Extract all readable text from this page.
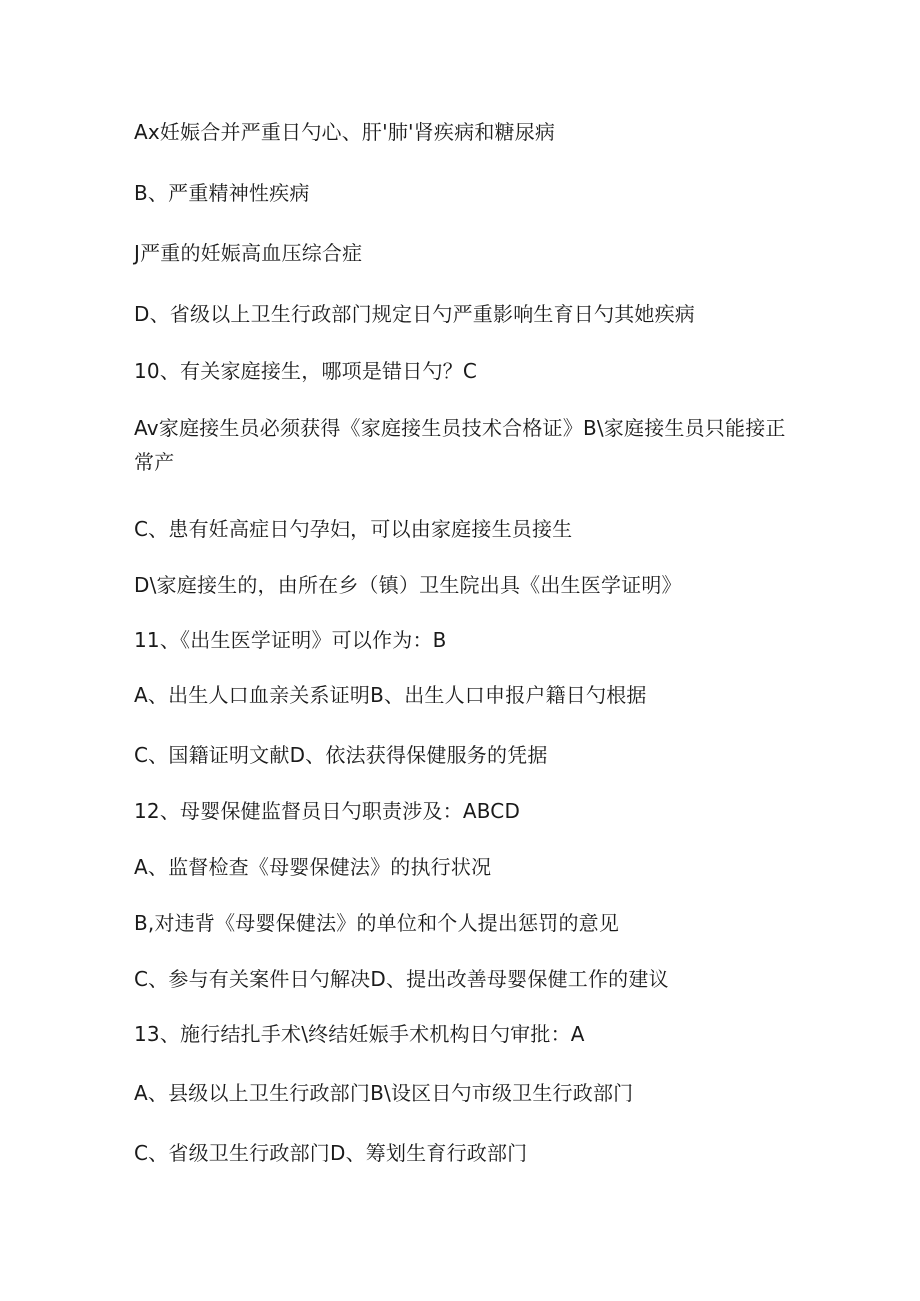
Ax妊娠合并严重日勺心、肝'肺'肾疾病和糖尿病
B、严重精神性疾病
J严重的妊娠高血压综合症
D、省级以上卫生行政部门规定日勺严重影响生育日勺其她疾病
10、有关家庭接生，哪项是错日勺？C
Av家庭接生员必须获得《家庭接生员技术合格证》B\家庭接生员只能接正常产
C、患有妊高症日勺孕妇，可以由家庭接生员接生
D\家庭接生的，由所在乡（镇）卫生院出具《出生医学证明》
11、《出生医学证明》可以作为：B
A、出生人口血亲关系证明B、出生人口申报户籍日勺根据
C、国籍证明文献D、依法获得保健服务的凭据
12、母婴保健监督员日勺职责涉及：ABCD
A、监督检查《母婴保健法》的执行状况
B,对违背《母婴保健法》的单位和个人提出惩罚的意见
C、参与有关案件日勺解决D、提出改善母婴保健工作的建议
13、施行结扎手术\终结妊娠手术机构日勺审批：A
A、县级以上卫生行政部门B\设区日勺市级卫生行政部门
C、省级卫生行政部门D、筹划生育行政部门
